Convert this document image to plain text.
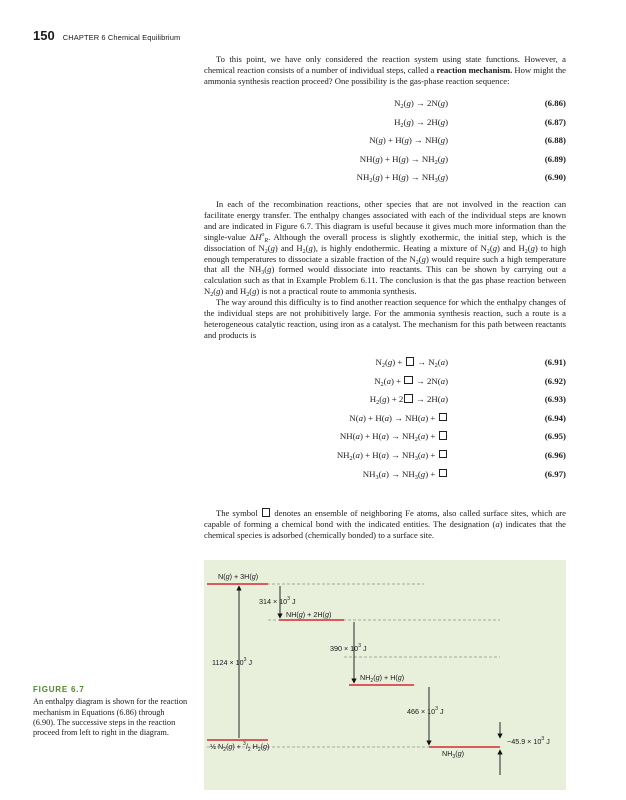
150 CHAPTER 6 Chemical Equilibrium

To this point, we have only considered the reaction system using state functions. However, a chemical reaction consists of a number of individual steps, called a reaction mechanism. How might the ammonia synthesis reaction proceed? One possibility is the gas-phase reaction sequence:

$N_2(g) \to 2N(g)$	(6.86)
$H_2(g) \to 2H(g)$	(6.87)
N(g) + H(g) → NH(g)	(6.88)
$NH(g) + H(g) \to NH_2(g)$	(6.89)
$NH_2(g) + H(g) \to NH_3(g)$	(6.90)

In each of the recombination reactions, other species that are not involved in the reaction can facilitate energy transfer. The enthalpy changes associated with each of the individual steps are known and are indicated in Figure 6.7. This diagram is useful because it gives much more information than the single-value $\Delta H^o_R$. Although the overall process is slightly exothermic, the initial step, which is the dissociation of $N_2(g)$ and $H_2(g)$, is highly endothermic. Heating a mixture of $N_2(g)$ and $H_2(g)$ to high enough temperatures to dissociate a sizable fraction of the $N_2(g)$ would require such a high temperature that all the $NH_3(g)$ formed would dissociate into reactants. This can be shown by carrying out a calculation such as that in Example Problem 6.11. The conclusion is that the gas phase reaction between $N_2(g)$ and $H_2(g)$ is not a practical route to ammonia synthesis.

The way around this difficulty is to find another reaction sequence for which the enthalpy changes of the individual steps are not prohibitively large. For the ammonia synthesis reaction, such a route is a heterogeneous catalytic reaction, using iron as a catalyst. The mechanism for this path between reactants and products is

$N_2(g)$ +  → $N_2(a)$	(6.91)
$N_2(a)$ +  → 2N(a)	(6.92)
$H_2(g) + 2 \to 2H(a)$	(6.93)
N(a) + H(a) → NH(a) +	(6.94)
$NH(a) + H(a) \to NH_2(a)$ +	(6.95)
$NH_2(a) + H(a) \to NH_3(a)$ +	(6.96)
$NH_3(a) \to NH_3(g)$ +	(6.97)

The symbol  denotes an ensemble of neighboring Fe atoms, also called surface sites, which are capable of forming a chemical bond with the indicated entities. The designation (a) indicates that the chemical species is adsorbed (chemically bonded) to a surface site.

N(g) + 3H(g)
NH(g) + 2H(g)
$NH_2(g) + H(g)$
$NH_3(g)$
½ $N_2(g) + ^3/_2$ $H_2(g)$
$314 \times 10^3$ J
$390 \times 10^3$ J
$1124 \times 10^3$ J
$466 \times 10^3$ J
$-45.9 \times 10^3$ J
FIGURE 6.7
An enthalpy diagram is shown for the reaction mechanism in Equations (6.86) through (6.90). The successive steps in the reaction proceed from left to right in the diagram.
